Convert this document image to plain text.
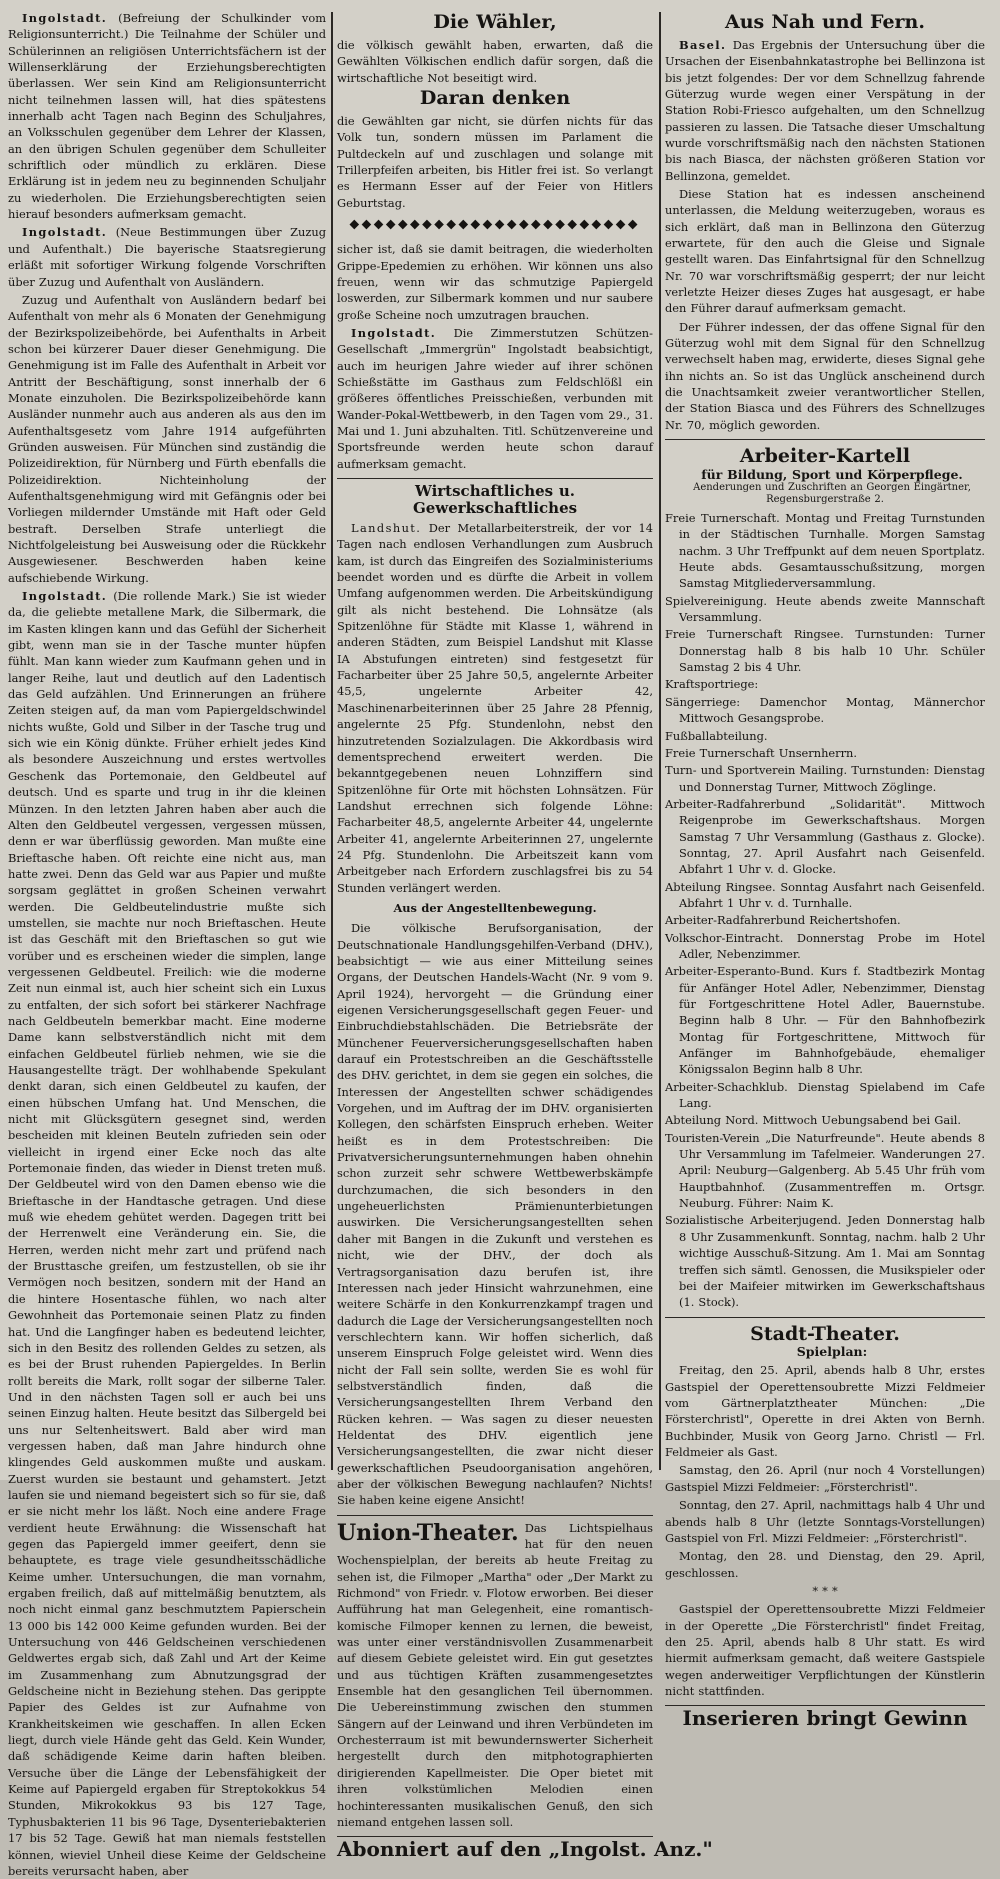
Ingolstadt. (Befreiung der Schulkinder vom Religionsunterricht.) Die Teilnahme der Schüler und Schülerinnen an religiösen Unterrichtsfächern ist der Willenserklärung der Erziehungsberechtigten überlassen. Wer sein Kind am Religionsunterricht nicht teilnehmen lassen will, hat dies spätestens innerhalb acht Tagen nach Beginn des Schuljahres, an Volksschulen gegenüber dem Lehrer der Klassen, an den übrigen Schulen gegenüber dem Schulleiter schriftlich oder mündlich zu erklären. Diese Erklärung ist in jedem neu zu beginnenden Schuljahr zu wiederholen. Die Erziehungsberechtigten seien hierauf besonders aufmerksam gemacht.

Ingolstadt. (Neue Bestimmungen über Zuzug und Aufenthalt.) Die bayerische Staatsregierung erläßt mit sofortiger Wirkung folgende Vorschriften über Zuzug und Aufenthalt von Ausländern.

Zuzug und Aufenthalt von Ausländern bedarf bei Aufenthalt von mehr als 6 Monaten der Genehmigung der Bezirkspolizeibehörde, bei Aufenthalts in Arbeit schon bei kürzerer Dauer dieser Genehmigung. Die Genehmigung ist im Falle des Aufenthalt in Arbeit vor Antritt der Beschäftigung, sonst innerhalb der 6 Monate einzuholen. Die Bezirkspolizeibehörde kann Ausländer nunmehr auch aus anderen als aus den im Aufenthaltsgesetz vom Jahre 1914 aufgeführten Gründen ausweisen. Für München sind zuständig die Polizeidirektion, für Nürnberg und Fürth ebenfalls die Polizeidirektion. Nichteinholung der Aufenthaltsgenehmigung wird mit Gefängnis oder bei Vorliegen mildernder Umstände mit Haft oder Geld bestraft. Derselben Strafe unterliegt die Nichtfolgeleistung bei Ausweisung oder die Rückkehr Ausgewiesener. Beschwerden haben keine aufschiebende Wirkung.

Ingolstadt. (Die rollende Mark.) Sie ist wieder da, die geliebte metallene Mark, die Silbermark, die im Kasten klingen kann und das Gefühl der Sicherheit gibt, wenn man sie in der Tasche munter hüpfen fühlt. Man kann wieder zum Kaufmann gehen und in langer Reihe, laut und deutlich auf den Ladentisch das Geld aufzählen. Und Erinnerungen an frühere Zeiten steigen auf, da man vom Papiergeldschwindel nichts wußte, Gold und Silber in der Tasche trug und sich wie ein König dünkte. Früher erhielt jedes Kind als besondere Auszeichnung und erstes wertvolles Geschenk das Portemonaie, den Geldbeutel auf deutsch. Und es sparte und trug in ihr die kleinen Münzen. In den letzten Jahren haben aber auch die Alten den Geldbeutel vergessen, vergessen müssen, denn er war überflüssig geworden. Man mußte eine Brieftasche haben. Oft reichte eine nicht aus, man hatte zwei. Denn das Geld war aus Papier und mußte sorgsam geglättet in großen Scheinen verwahrt werden. Die Geldbeutelindustrie mußte sich umstellen, sie machte nur noch Brieftaschen. Heute ist das Geschäft mit den Brieftaschen so gut wie vorüber und es erscheinen wieder die simplen, lange vergessenen Geldbeutel. Freilich: wie die moderne Zeit nun einmal ist, auch hier scheint sich ein Luxus zu entfalten, der sich sofort bei stärkerer Nachfrage nach Geldbeuteln bemerkbar macht. Eine moderne Dame kann selbstverständlich nicht mit dem einfachen Geldbeutel fürlieb nehmen, wie sie die Hausangestellte trägt. Der wohlhabende Spekulant denkt daran, sich einen Geldbeutel zu kaufen, der einen hübschen Umfang hat. Und Menschen, die nicht mit Glücksgütern gesegnet sind, werden bescheiden mit kleinen Beuteln zufrieden sein oder vielleicht in irgend einer Ecke noch das alte Portemonaie finden, das wieder in Dienst treten muß. Der Geldbeutel wird von den Damen ebenso wie die Brieftasche in der Handtasche getragen. Und diese muß wie ehedem gehütet werden. Dagegen tritt bei der Herrenwelt eine Veränderung ein. Sie, die Herren, werden nicht mehr zart und prüfend nach der Brusttasche greifen, um festzustellen, ob sie ihr Vermögen noch besitzen, sondern mit der Hand an die hintere Hosentasche fühlen, wo nach alter Gewohnheit das Portemonaie seinen Platz zu finden hat. Und die Langfinger haben es bedeutend leichter, sich in den Besitz des rollenden Geldes zu setzen, als es bei der Brust ruhenden Papiergeldes. In Berlin rollt bereits die Mark, rollt sogar der silberne Taler. Und in den nächsten Tagen soll er auch bei uns seinen Einzug halten. Heute besitzt das Silbergeld bei uns nur Seltenheitswert. Bald aber wird man vergessen haben, daß man Jahre hindurch ohne klingendes Geld auskommen mußte und auskam. Zuerst wurden sie bestaunt und gehamstert. Jetzt laufen sie und niemand begeistert sich so für sie, daß er sie nicht mehr los läßt. Noch eine andere Frage verdient heute Erwähnung: die Wissenschaft hat gegen das Papiergeld immer geeifert, denn sie behauptete, es trage viele gesundheitsschädliche Keime umher. Untersuchungen, die man vornahm, ergaben freilich, daß auf mittelmäßig benutztem, als noch nicht einmal ganz beschmutztem Papierschein 13 000 bis 142 000 Keime gefunden wurden. Bei der Untersuchung von 446 Geldscheinen verschiedenen Geldwertes ergab sich, daß Zahl und Art der Keime im Zusammenhang zum Abnutzungsgrad der Geldscheine nicht in Beziehung stehen. Das gerippte Papier des Geldes ist zur Aufnahme von Krankheitskeimen wie geschaffen. In allen Ecken liegt, durch viele Hände geht das Geld. Kein Wunder, daß schädigende Keime darin haften bleiben. Versuche über die Länge der Lebensfähigkeit der Keime auf Papiergeld ergaben für Streptokokkus 54 Stunden, Mikrokokkus 93 bis 127 Tage, Typhusbakterien 11 bis 96 Tage, Dysenteriebakterien 17 bis 52 Tage. Gewiß hat man niemals feststellen können, wieviel Unheil diese Keime der Geldscheine bereits verursacht haben, aber

Die Wähler,

die völkisch gewählt haben, erwarten, daß die Gewählten Völkischen endlich dafür sorgen, daß die wirtschaftliche Not beseitigt wird.

Daran denken

die Gewählten gar nicht, sie dürfen nichts für das Volk tun, sondern müssen im Parlament die Pultdeckeln auf und zuschlagen und solange mit Trillerpfeifen arbeiten, bis Hitler frei ist. So verlangt es Hermann Esser auf der Feier von Hitlers Geburtstag.

⬥⬥⬥⬥⬥⬥⬥⬥⬥⬥⬥⬥⬥⬥⬥⬥⬥⬥⬥⬥⬥⬥⬥⬥

sicher ist, daß sie damit beitragen, die wiederholten Grippe-Epedemien zu erhöhen. Wir können uns also freuen, wenn wir das schmutzige Papiergeld loswerden, zur Silbermark kommen und nur saubere große Scheine noch umzutragen brauchen.

Ingolstadt. Die Zimmerstutzen Schützen-Gesellschaft „Immergrün" Ingolstadt beabsichtigt, auch im heurigen Jahre wieder auf ihrer schönen Schießstätte im Gasthaus zum Feldschlößl ein größeres öffentliches Preisschießen, verbunden mit Wander-Pokal-Wettbewerb, in den Tagen vom 29., 31. Mai und 1. Juni abzuhalten. Titl. Schützenvereine und Sportsfreunde werden heute schon darauf aufmerksam gemacht.

Wirtschaftliches u. Gewerkschaftliches

Landshut. Der Metallarbeiterstreik, der vor 14 Tagen nach endlosen Verhandlungen zum Ausbruch kam, ist durch das Eingreifen des Sozialministeriums beendet worden und es dürfte die Arbeit in vollem Umfang aufgenommen werden. Die Arbeitskündigung gilt als nicht bestehend. Die Lohnsätze (als Spitzenlöhne für Städte mit Klasse 1, während in anderen Städten, zum Beispiel Landshut mit Klasse IA Abstufungen eintreten) sind festgesetzt für Facharbeiter über 25 Jahre 50,5, angelernte Arbeiter 45,5, ungelernte Arbeiter 42, Maschinenarbeiterinnen über 25 Jahre 28 Pfennig, angelernte 25 Pfg. Stundenlohn, nebst den hinzutretenden Sozialzulagen. Die Akkordbasis wird dementsprechend erweitert werden. Die bekanntgegebenen neuen Lohnziffern sind Spitzenlöhne für Orte mit höchsten Lohnsätzen. Für Landshut errechnen sich folgende Löhne: Facharbeiter 48,5, angelernte Arbeiter 44, ungelernte Arbeiter 41, angelernte Arbeiterinnen 27, ungelernte 24 Pfg. Stundenlohn. Die Arbeitszeit kann vom Arbeitgeber nach Erfordern zuschlagsfrei bis zu 54 Stunden verlängert werden.

Aus der Angestelltenbewegung.

Die völkische Berufsorganisation, der Deutschnationale Handlungsgehilfen-Verband (DHV.), beabsichtigt — wie aus einer Mitteilung seines Organs, der Deutschen Handels-Wacht (Nr. 9 vom 9. April 1924), hervorgeht — die Gründung einer eigenen Versicherungsgesellschaft gegen Feuer- und Einbruchdiebstahlschäden. Die Betriebsräte der Münchener Feuerversicherungsgesellschaften haben darauf ein Protestschreiben an die Geschäftsstelle des DHV. gerichtet, in dem sie gegen ein solches, die Interessen der Angestellten schwer schädigendes Vorgehen, und im Auftrag der im DHV. organisierten Kollegen, den schärfsten Einspruch erheben. Weiter heißt es in dem Protestschreiben: Die Privatversicherungsunternehmungen haben ohnehin schon zurzeit sehr schwere Wettbewerbskämpfe durchzumachen, die sich besonders in den ungeheuerlichsten Prämienunterbietungen auswirken. Die Versicherungsangestellten sehen daher mit Bangen in die Zukunft und verstehen es nicht, wie der DHV., der doch als Vertragsorganisation dazu berufen ist, ihre Interessen nach jeder Hinsicht wahrzunehmen, eine weitere Schärfe in den Konkurrenzkampf tragen und dadurch die Lage der Versicherungsangestellten noch verschlechtern kann. Wir hoffen sicherlich, daß unserem Einspruch Folge geleistet wird. Wenn dies nicht der Fall sein sollte, werden Sie es wohl für selbstverständlich finden, daß die Versicherungsangestellten Ihrem Verband den Rücken kehren. — Was sagen zu dieser neuesten Heldentat des DHV. eigentlich jene Versicherungsangestellten, die zwar nicht dieser gewerkschaftlichen Pseudoorganisation angehören, aber der völkischen Bewegung nachlaufen? Nichts! Sie haben keine eigene Ansicht!

Union-Theater. Das Lichtspielhaus hat für den neuen Wochenspielplan, der bereits ab heute Freitag zu sehen ist, die Filmoper „Martha" oder „Der Markt zu Richmond" von Friedr. v. Flotow erworben. Bei dieser Aufführung hat man Gelegenheit, eine romantisch-komische Filmoper kennen zu lernen, die beweist, was unter einer verständnisvollen Zusammenarbeit auf diesem Gebiete geleistet wird. Ein gut gesetztes und aus tüchtigen Kräften zusammengesetztes Ensemble hat den gesanglichen Teil übernommen. Die Uebereinstimmung zwischen den stummen Sängern auf der Leinwand und ihren Verbündeten im Orchesterraum ist mit bewundernswerter Sicherheit hergestellt durch den mitphotographierten dirigierenden Kapellmeister. Die Oper bietet mit ihren volkstümlichen Melodien einen hochinteressanten musikalischen Genuß, den sich niemand entgehen lassen soll.

Abonniert auf den „Ingolst. Anz."
Aus Nah und Fern.

Basel. Das Ergebnis der Untersuchung über die Ursachen der Eisenbahnkatastrophe bei Bellinzona ist bis jetzt folgendes: Der vor dem Schnellzug fahrende Güterzug wurde wegen einer Verspätung in der Station Robi-Friesco aufgehalten, um den Schnellzug passieren zu lassen. Die Tatsache dieser Umschaltung wurde vorschriftsmäßig nach den nächsten Stationen bis nach Biasca, der nächsten größeren Station vor Bellinzona, gemeldet.

Diese Station hat es indessen anscheinend unterlassen, die Meldung weiterzugeben, woraus es sich erklärt, daß man in Bellinzona den Güterzug erwartete, für den auch die Gleise und Signale gestellt waren. Das Einfahrtsignal für den Schnellzug Nr. 70 war vorschriftsmäßig gesperrt; der nur leicht verletzte Heizer dieses Zuges hat ausgesagt, er habe den Führer darauf aufmerksam gemacht.

Der Führer indessen, der das offene Signal für den Güterzug wohl mit dem Signal für den Schnellzug verwechselt haben mag, erwiderte, dieses Signal gehe ihn nichts an. So ist das Unglück anscheinend durch die Unachtsamkeit zweier verantwortlicher Stellen, der Station Biasca und des Führers des Schnellzuges Nr. 70, möglich geworden.

Arbeiter-Kartell

für Bildung, Sport und Körperpflege.

Aenderungen und Zuschriften an Georgen Eingärtner, Regensburgerstraße 2.

Freie Turnerschaft. Montag und Freitag Turnstunden in der Städtischen Turnhalle. Morgen Samstag nachm. 3 Uhr Treffpunkt auf dem neuen Sportplatz. Heute abds. Gesamtausschußsitzung, morgen Samstag Mitgliederversammlung.

Spielvereinigung. Heute abends zweite Mannschaft Versammlung.

Freie Turnerschaft Ringsee. Turnstunden: Turner Donnerstag halb 8 bis halb 10 Uhr. Schüler Samstag 2 bis 4 Uhr.

Kraftsportriege:

Sängerriege: Damenchor Montag, Männerchor Mittwoch Gesangsprobe.

Fußballabteilung.

Freie Turnerschaft Unsernherrn.

Turn- und Sportverein Mailing. Turnstunden: Dienstag und Donnerstag Turner, Mittwoch Zöglinge.

Arbeiter-Radfahrerbund „Solidarität". Mittwoch Reigenprobe im Gewerkschaftshaus. Morgen Samstag 7 Uhr Versammlung (Gasthaus z. Glocke). Sonntag, 27. April Ausfahrt nach Geisenfeld. Abfahrt 1 Uhr v. d. Glocke.

Abteilung Ringsee. Sonntag Ausfahrt nach Geisenfeld. Abfahrt 1 Uhr v. d. Turnhalle.

Arbeiter-Radfahrerbund Reichertshofen.

Volkschor-Eintracht. Donnerstag Probe im Hotel Adler, Nebenzimmer.

Arbeiter-Esperanto-Bund. Kurs f. Stadtbezirk Montag für Anfänger Hotel Adler, Nebenzimmer, Dienstag für Fortgeschrittene Hotel Adler, Bauernstube. Beginn halb 8 Uhr. — Für den Bahnhofbezirk Montag für Fortgeschrittene, Mittwoch für Anfänger im Bahnhofgebäude, ehemaliger Königssalon Beginn halb 8 Uhr.

Arbeiter-Schachklub. Dienstag Spielabend im Cafe Lang.

Abteilung Nord. Mittwoch Uebungsabend bei Gail.

Touristen-Verein „Die Naturfreunde". Heute abends 8 Uhr Versammlung im Tafelmeier. Wanderungen 27. April: Neuburg—Galgenberg. Ab 5.45 Uhr früh vom Hauptbahnhof. (Zusammentreffen m. Ortsgr. Neuburg. Führer: Naim K.

Sozialistische Arbeiterjugend. Jeden Donnerstag halb 8 Uhr Zusammenkunft. Sonntag, nachm. halb 2 Uhr wichtige Ausschuß-Sitzung. Am 1. Mai am Sonntag treffen sich sämtl. Genossen, die Musikspieler oder bei der Maifeier mitwirken im Gewerkschaftshaus (1. Stock).

Stadt-Theater.

Spielplan:

Freitag, den 25. April, abends halb 8 Uhr, erstes Gastspiel der Operettensoubrette Mizzi Feldmeier vom Gärtnerplatztheater München: „Die Försterchristl", Operette in drei Akten von Bernh. Buchbinder, Musik von Georg Jarno. Christl — Frl. Feldmeier als Gast.

Samstag, den 26. April (nur noch 4 Vorstellungen) Gastspiel Mizzi Feldmeier: „Försterchristl".

Sonntag, den 27. April, nachmittags halb 4 Uhr und abends halb 8 Uhr (letzte Sonntags-Vorstellungen) Gastspiel von Frl. Mizzi Feldmeier: „Försterchristl".

Montag, den 28. und Dienstag, den 29. April, geschlossen.

* * *

Gastspiel der Operettensoubrette Mizzi Feldmeier in der Operette „Die Försterchristl" findet Freitag, den 25. April, abends halb 8 Uhr statt. Es wird hiermit aufmerksam gemacht, daß weitere Gastspiele wegen anderweitiger Verpflichtungen der Künstlerin nicht stattfinden.

Inserieren bringt Gewinn
